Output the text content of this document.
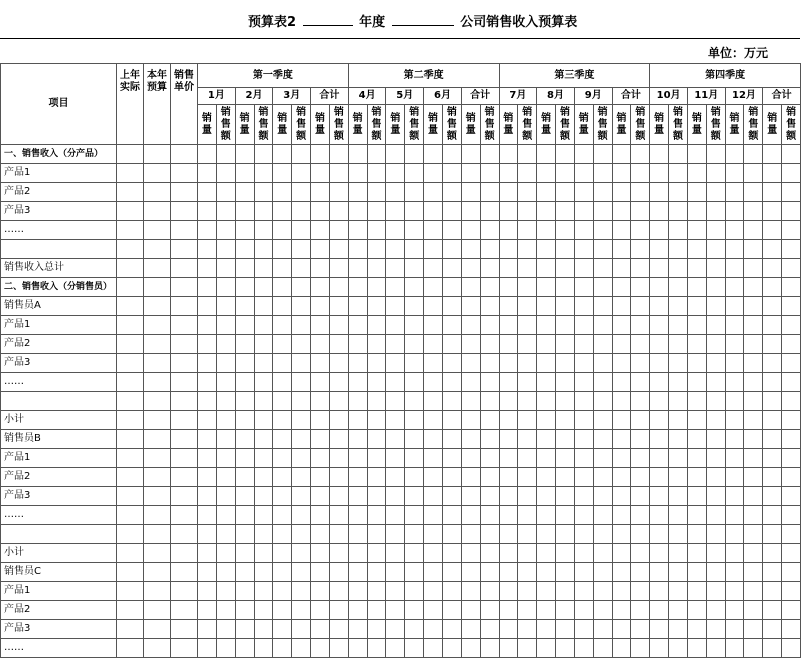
预算表2	年度	公司销售收入预算表
单位：万元
项目	上年实际	本年预算	销售单价	第一季度								第二季度								第三季度								第四季度							
				1月		2月		3月		合计		4月		5月		6月		合计		7月		8月		9月		合计		10月		11月		12月		合计	
				销量	销售额	销量	销售额	销量	销售额	销量	销售额	销量	销售额	销量	销售额	销量	销售额	销量	销售额	销量	销售额	销量	销售额	销量	销售额	销量	销售额	销量	销售额	销量	销售额	销量	销售额	销量	销售额
一、销售收入（分产品）																																			
产品1																																			
产品2																																			
产品3																																			
……																																			

销售收入总计																																			
二、销售收入（分销售员）																																			
销售员A																																			
产品1																																			
产品2																																			
产品3																																			
……																																			

小计																																			
销售员B																																			
产品1																																			
产品2																																			
产品3																																			
……																																			

小计																																			
销售员C																																			
产品1																																			
产品2																																			
产品3																																			
……																																			
